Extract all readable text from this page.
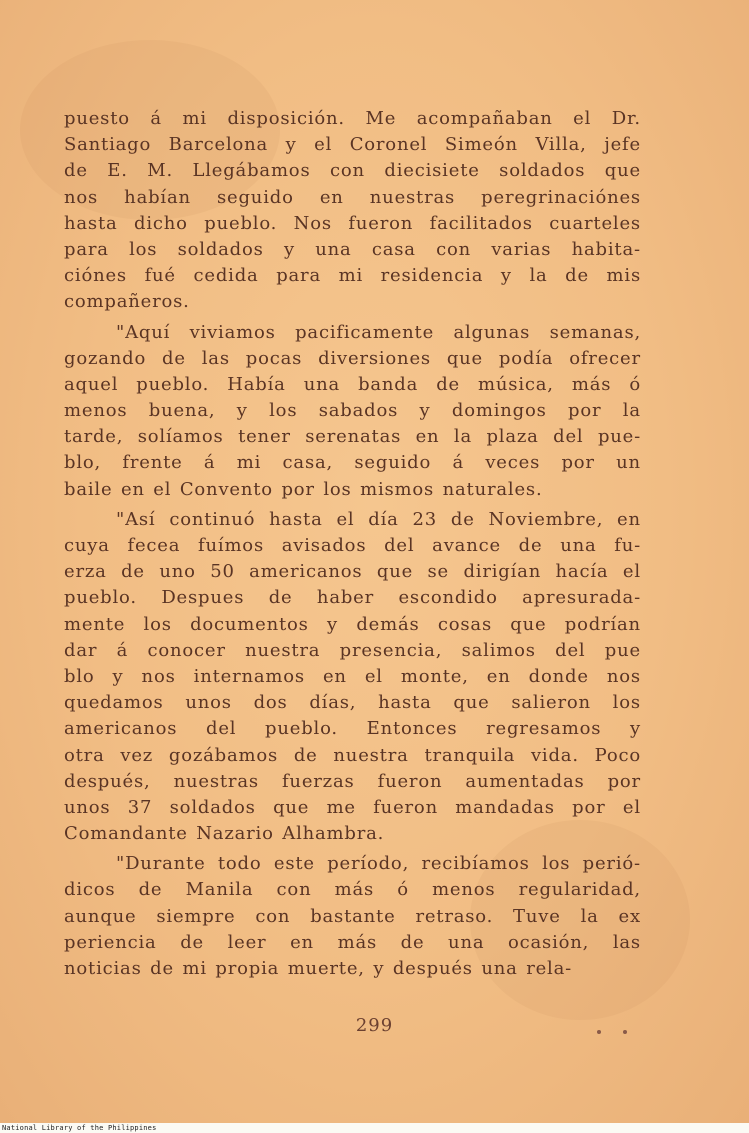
puesto á mi disposición. Me acompañaban el Dr.
Santiago Barcelona y el Coronel Simeón Villa, jefe
de E. M. Llegábamos con diecisiete soldados que
nos habían seguido en nuestras peregrinaciónes
hasta dicho pueblo. Nos fueron facilitados cuarteles
para los soldados y una casa con varias habita-
ciónes fué cedida para mi residencia y la de mis
compañeros.
"Aquí viviamos pacificamente algunas semanas,
gozando de las pocas diversiones que podía ofrecer
aquel pueblo. Había una banda de música, más ó
menos buena, y los sabados y domingos por la
tarde, solíamos tener serenatas en la plaza del pue-
blo, frente á mi casa, seguido á veces por un
baile en el Convento por los mismos naturales.
"Así continuó hasta el día 23 de Noviembre, en
cuya fecea fuímos avisados del avance de una fu-
erza de uno 50 americanos que se dirigían hacía el
pueblo. Despues de haber escondido apresurada-
mente los documentos y demás cosas que podrían
dar á conocer nuestra presencia, salimos del pue
blo y nos internamos en el monte, en donde nos
quedamos unos dos días, hasta que salieron los
americanos del pueblo. Entonces regresamos y
otra vez gozábamos de nuestra tranquila vida. Poco
después, nuestras fuerzas fueron aumentadas por
unos 37 soldados que me fueron mandadas por el
Comandante Nazario Alhambra.
"Durante todo este período, recibíamos los perió-
dicos de Manila con más ó menos regularidad,
aunque siempre con bastante retraso. Tuve la ex
periencia de leer en más de una ocasión, las
noticias de mi propia muerte, y después una rela-
299
National Library of the Philippines
